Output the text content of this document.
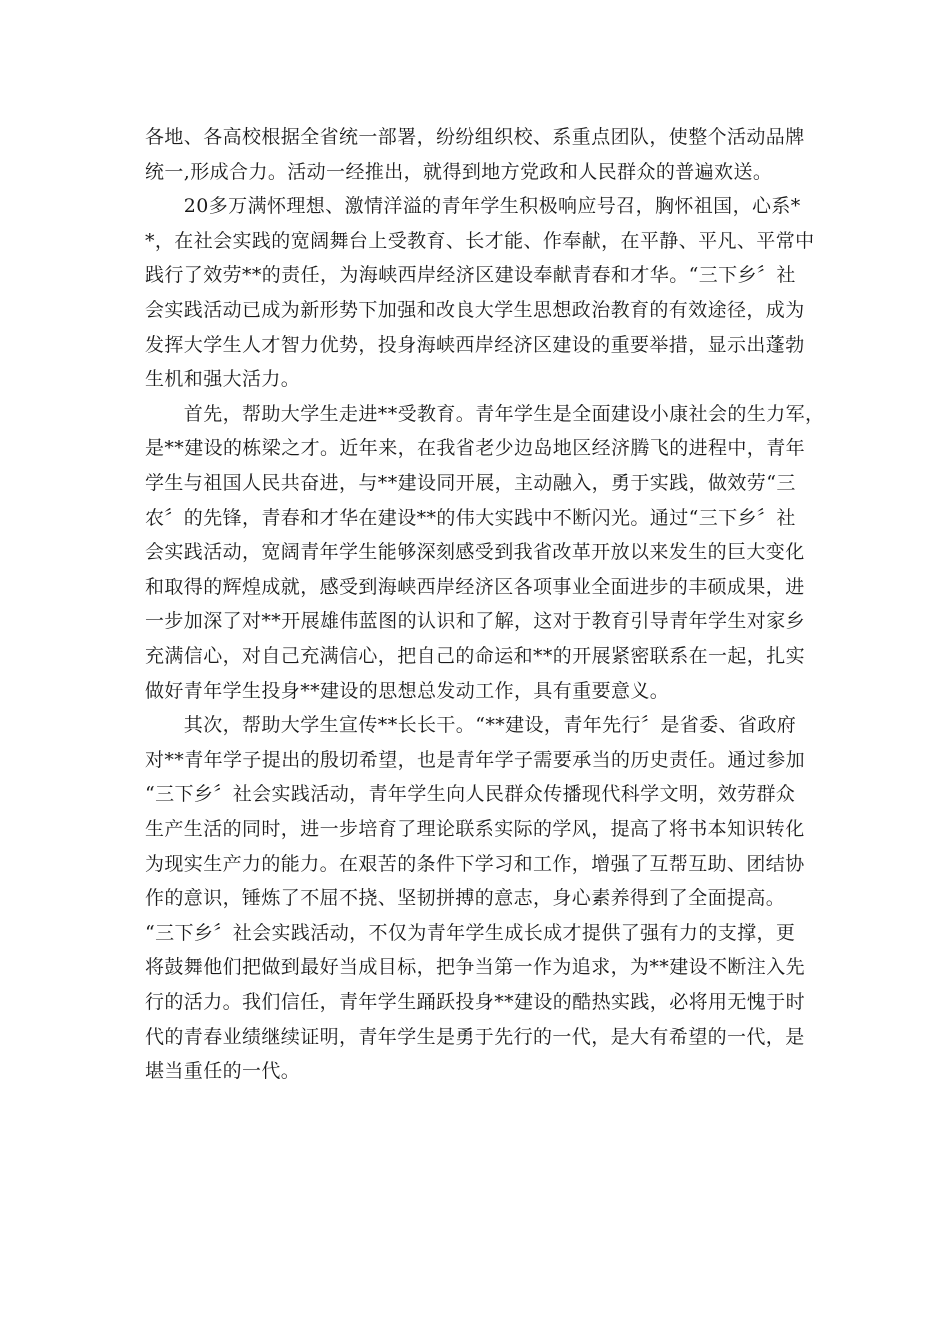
各地、各高校根据全省统一部署，纷纷组织校、系重点团队，使整个活动品牌
统一,形成合力。活动一经推出，就得到地方党政和人民群众的普遍欢送。
　　20多万满怀理想、激情洋溢的青年学生积极响应号召，胸怀祖国，心系*
*，在社会实践的宽阔舞台上受教育、长才能、作奉献，在平静、平凡、平常中
践行了效劳**的责任，为海峡西岸经济区建设奉献青春和才华。“三下乡〞社
会实践活动已成为新形势下加强和改良大学生思想政治教育的有效途径，成为
发挥大学生人才智力优势，投身海峡西岸经济区建设的重要举措，显示出蓬勃
生机和强大活力。
　　首先，帮助大学生走进**受教育。青年学生是全面建设小康社会的生力军，
是**建设的栋梁之才。近年来，在我省老少边岛地区经济腾飞的进程中，青年
学生与祖国人民共奋进，与**建设同开展，主动融入，勇于实践，做效劳“三
农〞的先锋，青春和才华在建设**的伟大实践中不断闪光。通过“三下乡〞社
会实践活动，宽阔青年学生能够深刻感受到我省改革开放以来发生的巨大变化
和取得的辉煌成就，感受到海峡西岸经济区各项事业全面进步的丰硕成果，进
一步加深了对**开展雄伟蓝图的认识和了解，这对于教育引导青年学生对家乡
充满信心，对自己充满信心，把自己的命运和**的开展紧密联系在一起，扎实
做好青年学生投身**建设的思想总发动工作，具有重要意义。
　　其次，帮助大学生宣传**长长干。“**建设，青年先行〞是省委、省政府
对**青年学子提出的殷切希望，也是青年学子需要承当的历史责任。通过参加
“三下乡〞社会实践活动，青年学生向人民群众传播现代科学文明，效劳群众
生产生活的同时，进一步培育了理论联系实际的学风，提高了将书本知识转化
为现实生产力的能力。在艰苦的条件下学习和工作，增强了互帮互助、团结协
作的意识，锤炼了不屈不挠、坚韧拼搏的意志，身心素养得到了全面提高。
“三下乡〞社会实践活动，不仅为青年学生成长成才提供了强有力的支撑，更
将鼓舞他们把做到最好当成目标，把争当第一作为追求，为**建设不断注入先
行的活力。我们信任，青年学生踊跃投身**建设的酷热实践，必将用无愧于时
代的青春业绩继续证明，青年学生是勇于先行的一代，是大有希望的一代，是
堪当重任的一代。
